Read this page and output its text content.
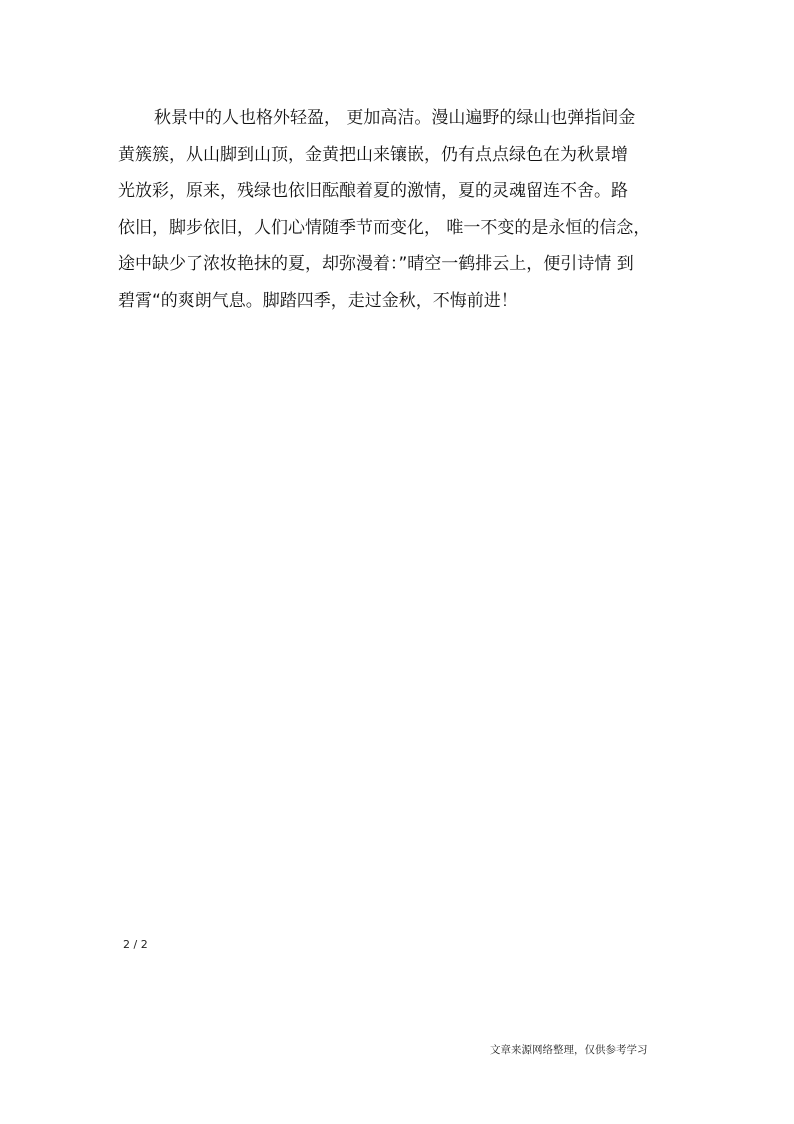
秋景中的人也格外轻盈， 更加高洁。漫山遍野的绿山也弹指间金
黄簇簇，从山脚到山顶，金黄把山来镶嵌，仍有点点绿色在为秋景增
光放彩，原来，残绿也依旧酝酿着夏的激情，夏的灵魂留连不舍。路
依旧，脚步依旧，人们心情随季节而变化， 唯一不变的是永恒的信念，
途中缺少了浓妆艳抹的夏，却弥漫着：”晴空一鹤排云上，便引诗情 到
碧霄“的爽朗气息。脚踏四季，走过金秋，不悔前进！
2 / 2
文章来源网络整理，仅供参考学习
